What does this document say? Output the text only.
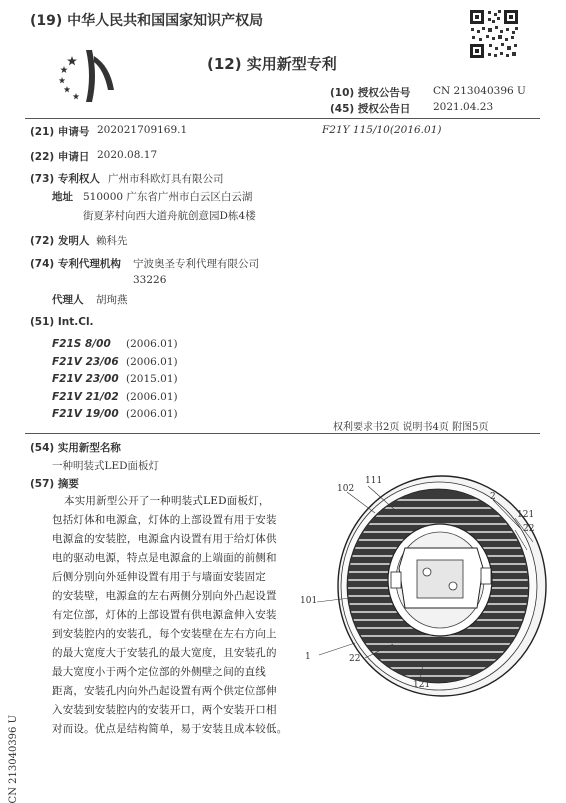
(19) 中华人民共和国国家知识产权局
(12) 实用新型专利
(10) 授权公告号 CN 213040396 U
(45) 授权公告日 2021.04.23
(21) 申请号 202021709169.1	F21Y 115/10(2016.01)
(22) 申请日 2020.08.17
(73) 专利权人 广州市科欧灯具有限公司
地址 510000 广东省广州市白云区白云湖
街夏茅村向西大道舟航创意园D栋4楼
(72) 发明人 赖科先
(74) 专利代理机构 宁波奥圣专利代理有限公司
33226
代理人 胡珣燕
(51) Int.Cl.
F21S 8/00 (2006.01)
F21V 23/06 (2006.01)
F21V 23/00 (2015.01)
F21V 21/02 (2006.01)
F21V 19/00 (2006.01)
权利要求书2页 说明书4页 附图5页
(54) 实用新型名称
一种明装式LED面板灯
(57) 摘要
本实用新型公开了一种明装式LED面板灯，
包括灯体和电源盒，灯体的上部设置有用于安装
电源盒的安装腔，电源盒内设置有用于给灯体供
电的驱动电源，特点是电源盒的上端面的前侧和
后侧分别向外延伸设置有用于与墙面安装固定
的安装壁，电源盒的左右两侧分别向外凸起设置
有定位部，灯体的上部设置有供电源盒伸入安装
到安装腔内的安装孔，每个安装壁在左右方向上
的最大宽度大于安装孔的最大宽度，且安装孔的
最大宽度小于两个定位部的外侧壁之间的直线
距离，安装孔内向外凸起设置有两个供定位部伸
入安装到安装腔内的安装开口，两个安装开口相
对而设。优点是结构简单，易于安装且成本较低。
111
102
2
121
22
101
1	22
121
CN 213040396 U
